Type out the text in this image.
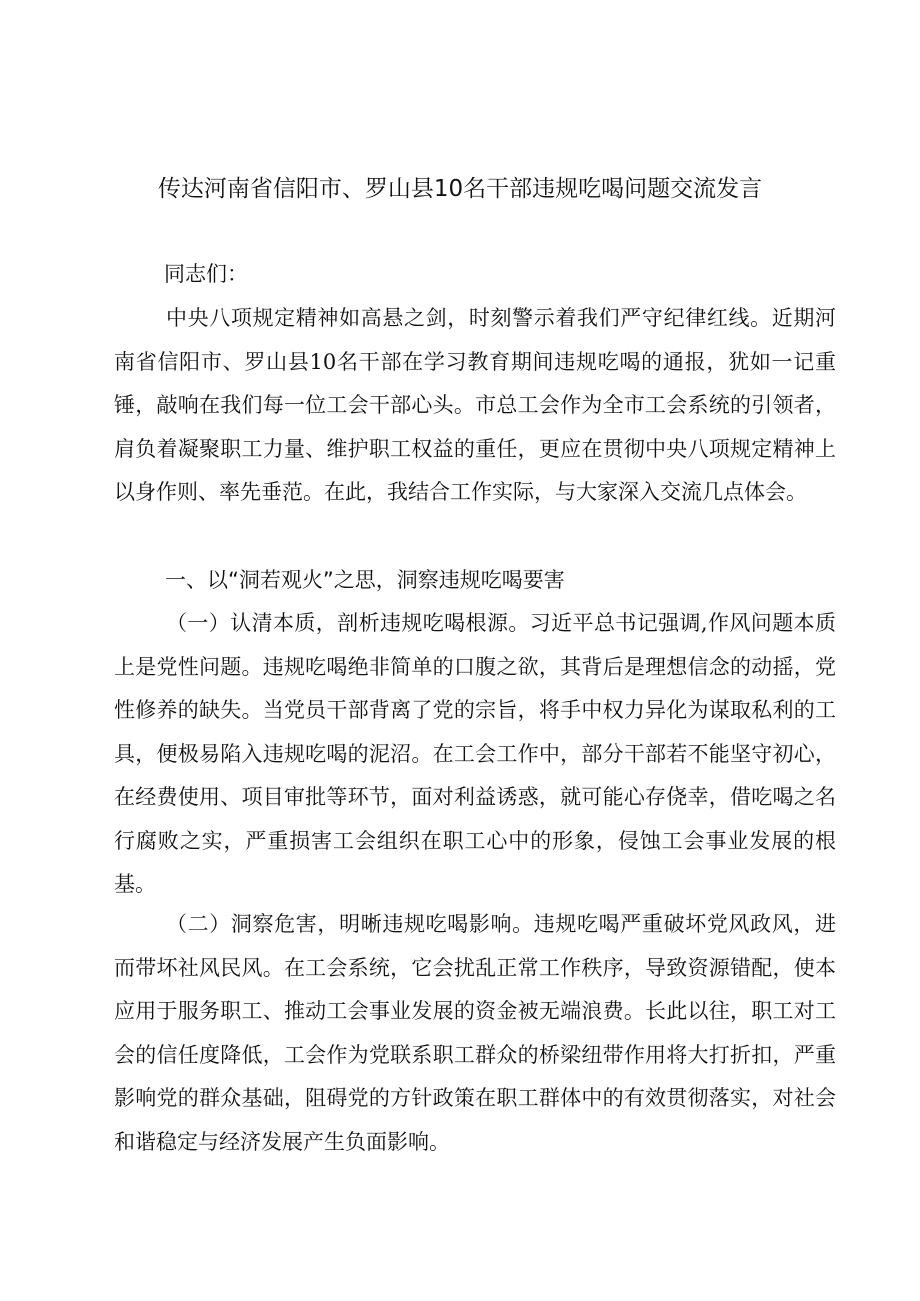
传达河南省信阳市、罗山县10名干部违规吃喝问题交流发言
同志们：
中央八项规定精神如高悬之剑，时刻警示着我们严守纪律红线。近期河南省信阳市、罗山县10名干部在学习教育期间违规吃喝的通报，犹如一记重锤，敲响在我们每一位工会干部心头。市总工会作为全市工会系统的引领者，肩负着凝聚职工力量、维护职工权益的重任，更应在贯彻中央八项规定精神上以身作则、率先垂范。在此，我结合工作实际，与大家深入交流几点体会。
一、以“洞若观火”之思，洞察违规吃喝要害
（一）认清本质，剖析违规吃喝根源。习近平总书记强调,作风问题本质上是党性问题。违规吃喝绝非简单的口腹之欲，其背后是理想信念的动摇，党性修养的缺失。当党员干部背离了党的宗旨，将手中权力异化为谋取私利的工具，便极易陷入违规吃喝的泥沼。在工会工作中，部分干部若不能坚守初心，在经费使用、项目审批等环节，面对利益诱惑，就可能心存侥幸，借吃喝之名行腐败之实，严重损害工会组织在职工心中的形象，侵蚀工会事业发展的根基。
（二）洞察危害，明晰违规吃喝影响。违规吃喝严重破坏党风政风，进而带坏社风民风。在工会系统，它会扰乱正常工作秩序，导致资源错配，使本应用于服务职工、推动工会事业发展的资金被无端浪费。长此以往，职工对工会的信任度降低，工会作为党联系职工群众的桥梁纽带作用将大打折扣，严重影响党的群众基础，阻碍党的方针政策在职工群体中的有效贯彻落实，对社会和谐稳定与经济发展产生负面影响。
